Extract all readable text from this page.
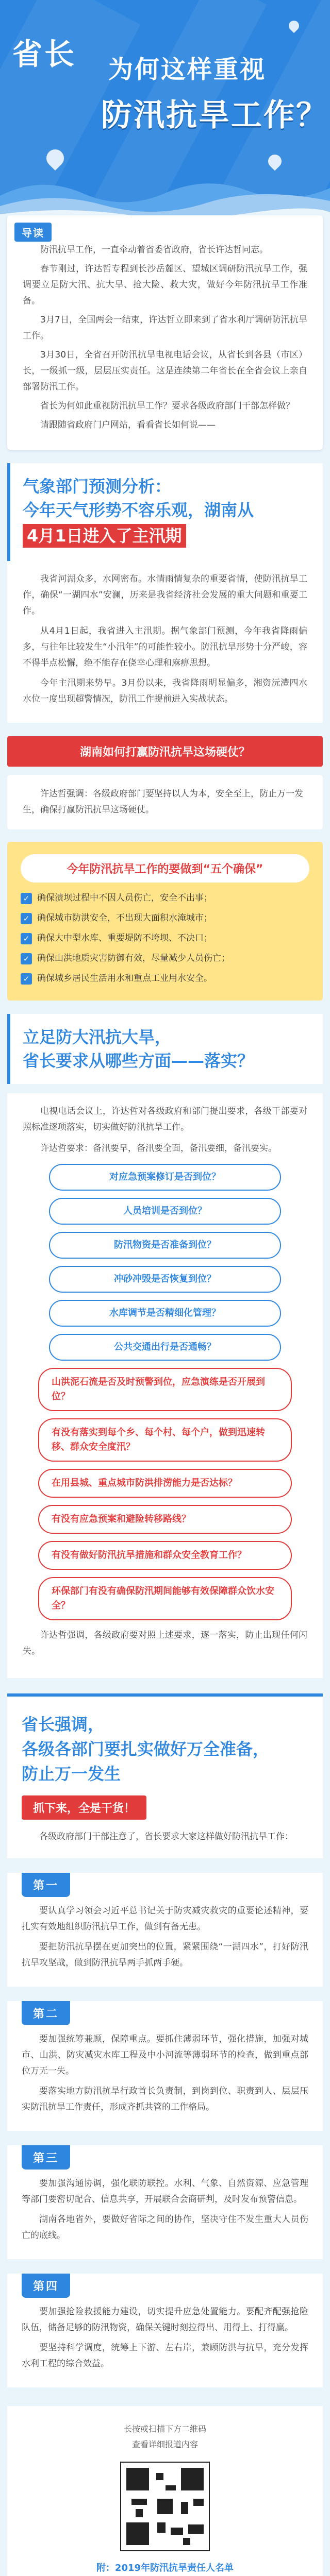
省长 为何这样重视
防汛抗旱工作？
导读

防汛抗旱工作，一直牵动着省委省政府，省长许达哲同志。

春节刚过，许达哲专程到长沙岳麓区、望城区调研防汛抗旱工作，强调要立足防大汛、抗大旱、抢大险、救大灾，做好今年防汛抗旱工作准备。

3月7日，全国两会一结束，许达哲立即来到了省水利厅调研防汛抗旱工作。

3月30日，全省召开防汛抗旱电视电话会议，从省长到各县（市区）长，一级抓一级，层层压实责任。这是连续第二年省长在全省会议上亲自部署防汛工作。

省长为何如此重视防汛抗旱工作？要求各级政府部门干部怎样做？

请跟随省政府门户网站，看看省长如何说——

气象部门预测分析：
今年天气形势不容乐观，湖南从
4月1日进入了主汛期

我省河湖众多，水网密布。水情雨情复杂的重要省情，使防汛抗旱工作，确保“一湖四水”安澜，历来是我省经济社会发展的重大问题和重要工作。

从4月1日起，我省进入主汛期。据气象部门预测，今年我省降雨偏多，与往年比较发生“小汛年”的可能性较小。防汛抗旱形势十分严峻，容不得半点松懈，绝不能存在侥幸心理和麻痹思想。

今年主汛期来势早。3月份以来，我省降雨明显偏多，湘资沅澧四水水位一度出现超警情况，防汛工作提前进入实战状态。

湖南如何打赢防汛抗旱这场硬仗？

许达哲强调：各级政府部门要坚持以人为本，安全至上，防止万一发生，确保打赢防汛抗旱这场硬仗。

今年防汛抗旱工作的要做到“五个确保”
✓ 确保溃坝过程中不因人员伤亡，安全不出事；
✓ 确保城市防洪安全，不出现大面积水淹城市；
✓ 确保大中型水库、重要堤防不垮坝、不决口；
✓ 确保山洪地质灾害防御有效，尽量减少人员伤亡；
✓ 确保城乡居民生活用水和重点工业用水安全。
立足防大汛抗大旱，
省长要求从哪些方面——落实？

电视电话会议上，许达哲对各级政府和部门提出要求，各级干部要对照标准逐项落实，切实做好防汛抗旱工作。

许达哲要求：备汛要早，备汛要全面，备汛要细，备汛要实。

对应急预案修订是否到位？
人员培训是否到位？
防汛物资是否准备到位？
冲砂冲毁是否恢复到位？
水库调节是否精细化管理？
公共交通出行是否通畅？
山洪泥石流是否及时预警到位，应急演练是否开展到位？
有没有落实到每个乡、每个村、每个户，做到迅速转移、群众安全度汛？
在用县城、重点城市防洪排涝能力是否达标？
有没有应急预案和避险转移路线？
有没有做好防汛抗旱措施和群众安全教育工作？
环保部门有没有确保防汛期间能够有效保障群众饮水安全？

许达哲强调，各级政府要对照上述要求，逐一落实，防止出现任何闪失。

省长强调，
各级各部门要扎实做好万全准备，
防止万一发生
抓下来，全是干货！

各级政府部门干部注意了，省长要求大家这样做好防汛抗旱工作：

第一

要认真学习领会习近平总书记关于防灾减灾救灾的重要论述精神，要扎实有效地组织防汛抗旱工作，做到有备无患。

要把防汛抗旱摆在更加突出的位置，紧紧围绕“一湖四水”，打好防汛抗旱攻坚战，做到防汛抗旱两手抓两手硬。

第二

要加强统筹兼顾，保障重点。要抓住薄弱环节，强化措施，加强对城市、山洪、防灾减灾水库工程及中小河流等薄弱环节的检查，做到重点部位万无一失。

要落实地方防汛抗旱行政首长负责制，到岗到位、职责到人、层层压实防汛抗旱工作责任，形成齐抓共管的工作格局。

第三

要加强沟通协调，强化联防联控。水利、气象、自然资源、应急管理等部门要密切配合、信息共享，开展联合会商研判，及时发布预警信息。

湖南各地省外，要做好省际之间的协作，坚决守住不发生重大人员伤亡的底线。

第四

要加强抢险救援能力建设，切实提升应急处置能力。要配齐配强抢险队伍，储备足够的防汛物资，确保关键时刻拉得出、用得上、打得赢。

要坚持科学调度，统筹上下游、左右岸，兼顾防洪与抗旱，充分发挥水利工程的综合效益。

长按或扫描下方二维码
查看详细报道内容
附：2019年防汛抗旱责任人名单
